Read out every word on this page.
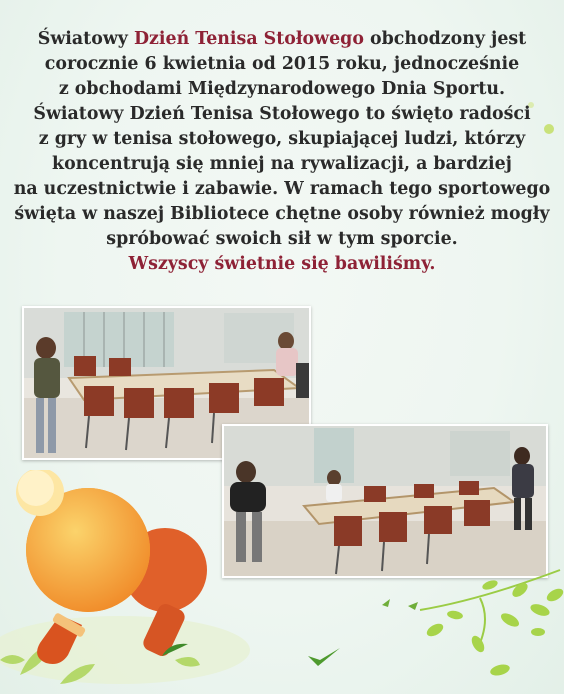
Światowy Dzień Tenisa Stołowego obchodzony jest
corocznie 6 kwietnia od 2015 roku, jednocześnie
z obchodami Międzynarodowego Dnia Sportu.
Światowy Dzień Tenisa Stołowego to święto radości
z gry w tenisa stołowego, skupiającej ludzi, którzy
koncentrują się mniej na rywalizacji, a bardziej
na uczestnictwie i zabawie. W ramach tego sportowego
święta w naszej Bibliotece chętne osoby również mogły
spróbować swoich sił w tym sporcie.
Wszyscy świetnie się bawiliśmy.
